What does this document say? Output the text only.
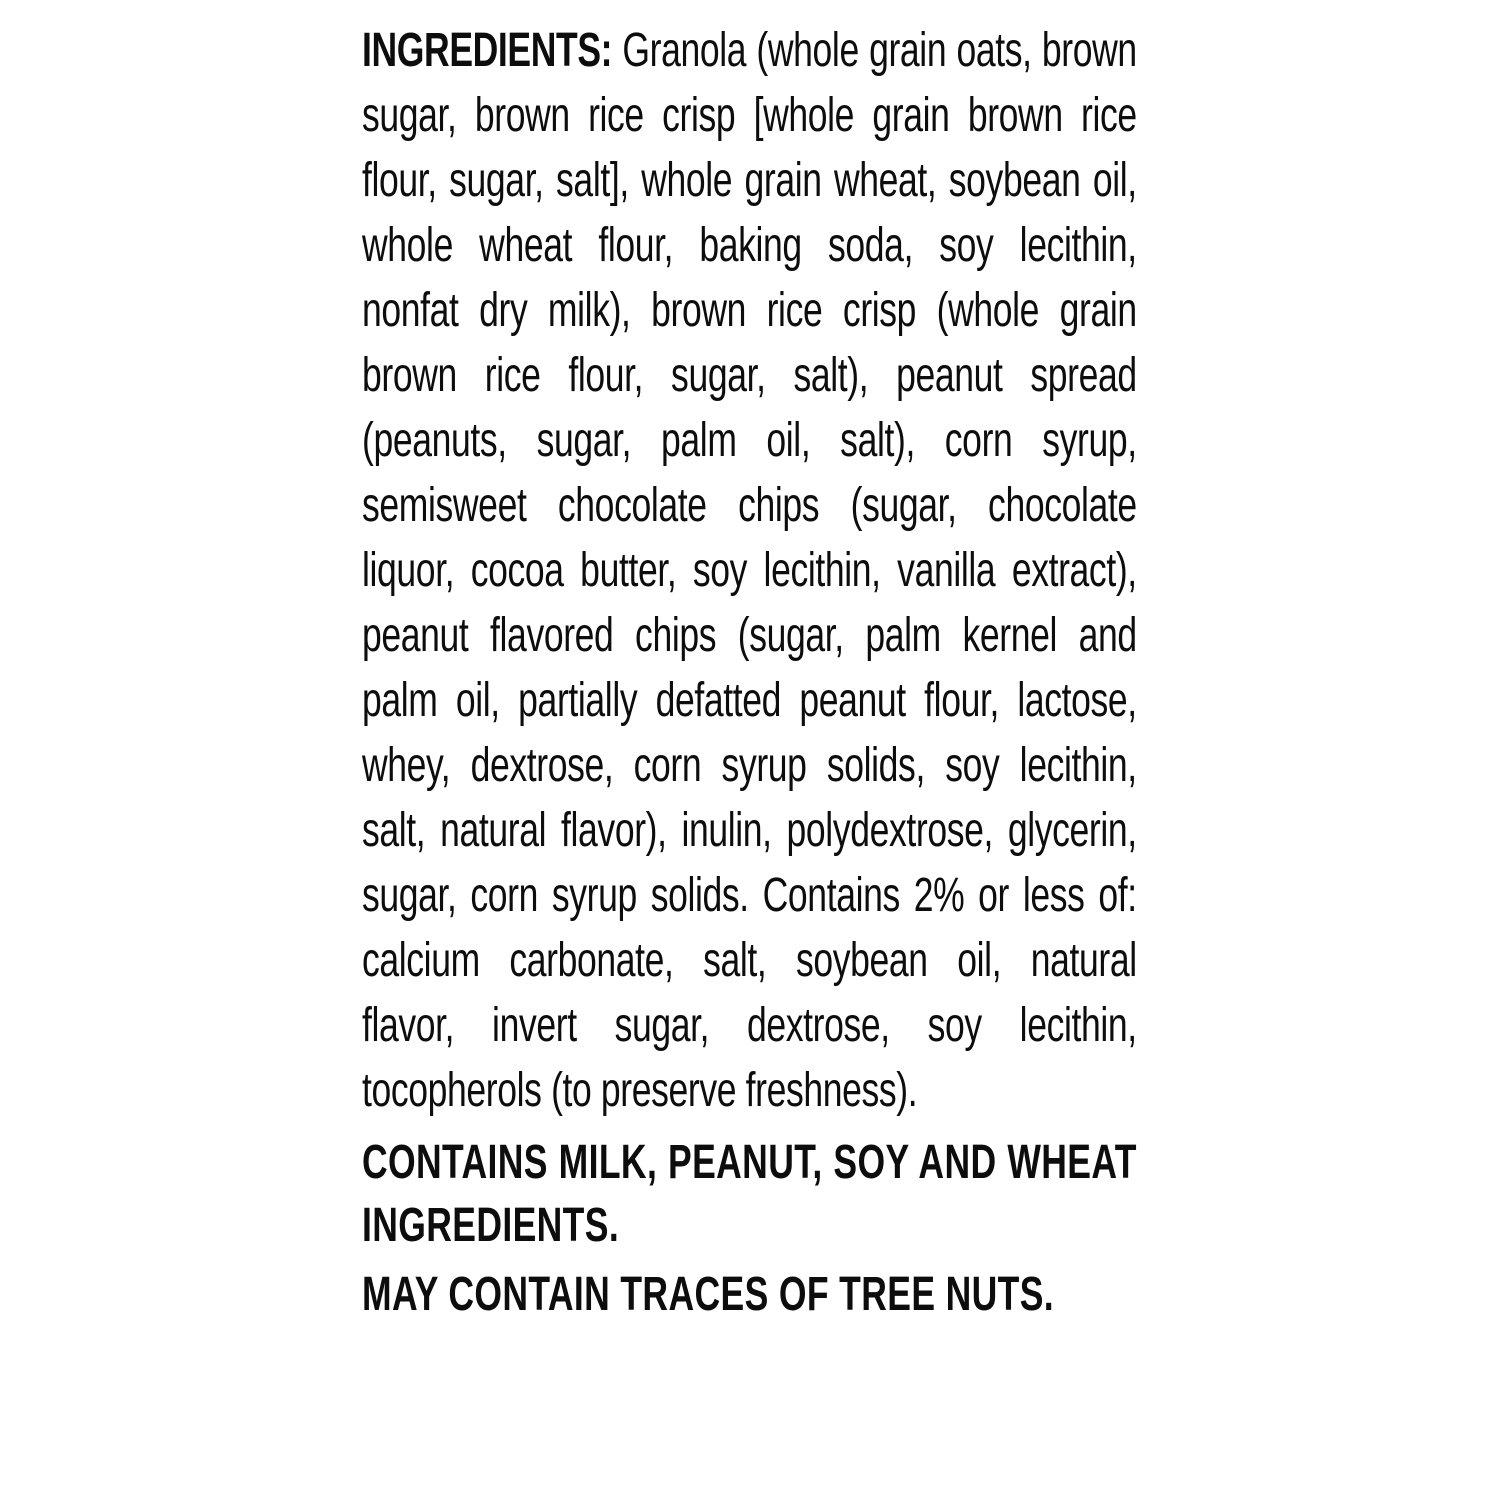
INGREDIENTS: Granola (whole grain oats, brown sugar, brown rice crisp [whole grain brown rice flour, sugar, salt], whole grain wheat, soybean oil, whole wheat flour, baking soda, soy lecithin, nonfat dry milk), brown rice crisp (whole grain brown rice flour, sugar, salt), peanut spread (peanuts, sugar, palm oil, salt), corn syrup, semisweet chocolate chips (sugar, chocolate liquor, cocoa butter, soy lecithin, vanilla extract), peanut flavored chips (sugar, palm kernel and palm oil, partially defatted peanut flour, lactose, whey, dextrose, corn syrup solids, soy lecithin, salt, natural flavor), inulin, polydextrose, glycerin, sugar, corn syrup solids. Contains 2% or less of: calcium carbonate, salt, soybean oil, natural flavor, invert sugar, dextrose, soy lecithin, tocopherols (to preserve freshness).

CONTAINS MILK, PEANUT, SOY AND WHEAT INGREDIENTS.

MAY CONTAIN TRACES OF TREE NUTS.
